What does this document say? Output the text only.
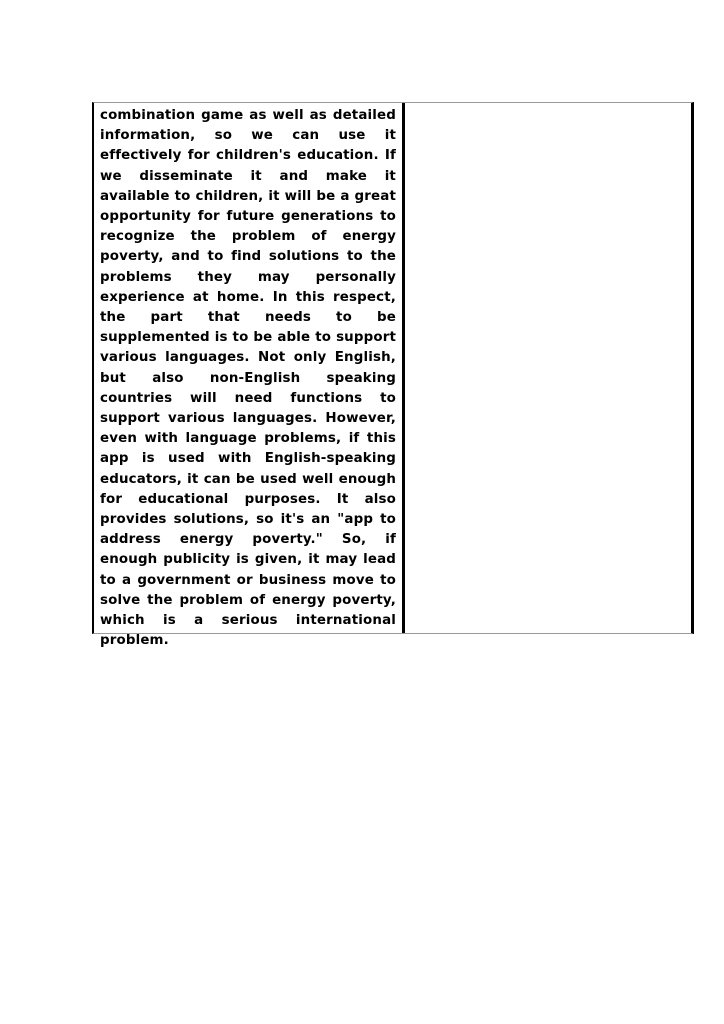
combination game as well as detailed information, so we can use it effectively for children's education. If we disseminate it and make it available to children, it will be a great opportunity for future generations to recognize the problem of energy poverty, and to find solutions to the problems they may personally experience at home. In this respect, the part that needs to be supplemented is to be able to support various languages. Not only English, but also non-English speaking countries will need functions to support various languages. However, even with language problems, if this app is used with English-speaking educators, it can be used well enough for educational purposes. It also provides solutions, so it's an "app to address energy poverty." So, if enough publicity is given, it may lead to a government or business move to solve the problem of energy poverty, which is a serious international problem.
